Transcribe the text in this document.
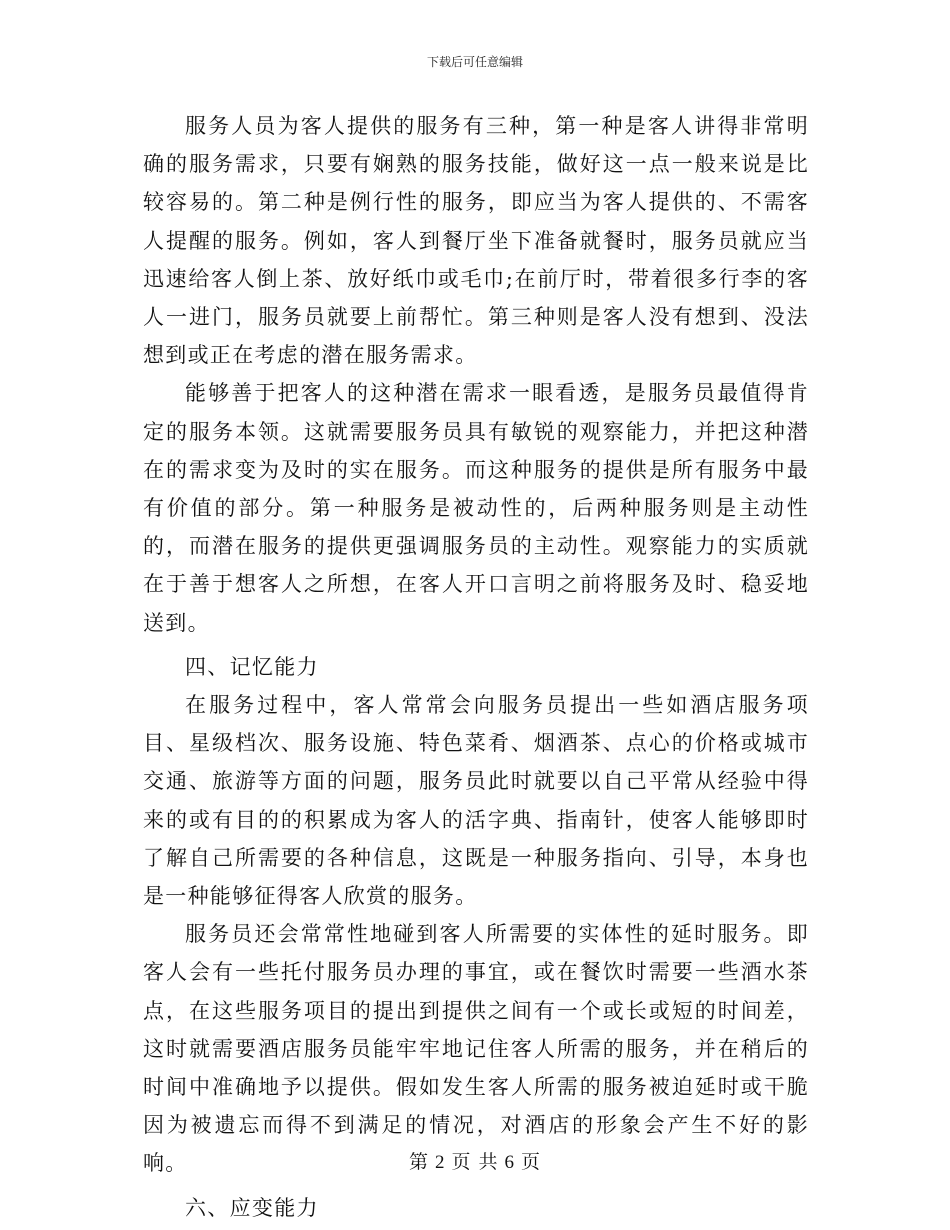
下载后可任意编辑

服务人员为客人提供的服务有三种，第一种是客人讲得非常明确的服务需求，只要有娴熟的服务技能，做好这一点一般来说是比较容易的。第二种是例行性的服务，即应当为客人提供的、不需客人提醒的服务。例如，客人到餐厅坐下准备就餐时，服务员就应当迅速给客人倒上茶、放好纸巾或毛巾;在前厅时，带着很多行李的客人一进门，服务员就要上前帮忙。第三种则是客人没有想到、没法想到或正在考虑的潜在服务需求。

能够善于把客人的这种潜在需求一眼看透，是服务员最值得肯定的服务本领。这就需要服务员具有敏锐的观察能力，并把这种潜在的需求变为及时的实在服务。而这种服务的提供是所有服务中最有价值的部分。第一种服务是被动性的，后两种服务则是主动性的，而潜在服务的提供更强调服务员的主动性。观察能力的实质就在于善于想客人之所想，在客人开口言明之前将服务及时、稳妥地送到。

四、记忆能力

在服务过程中，客人常常会向服务员提出一些如酒店服务项目、星级档次、服务设施、特色菜肴、烟酒茶、点心的价格或城市交通、旅游等方面的问题，服务员此时就要以自己平常从经验中得来的或有目的的积累成为客人的活字典、指南针，使客人能够即时了解自己所需要的各种信息，这既是一种服务指向、引导，本身也是一种能够征得客人欣赏的服务。

服务员还会常常性地碰到客人所需要的实体性的延时服务。即客人会有一些托付服务员办理的事宜，或在餐饮时需要一些酒水茶点，在这些服务项目的提出到提供之间有一个或长或短的时间差，这时就需要酒店服务员能牢牢地记住客人所需的服务，并在稍后的时间中准确地予以提供。假如发生客人所需的服务被迫延时或干脆因为被遗忘而得不到满足的情况，对酒店的形象会产生不好的影响。

六、应变能力

第 2 页 共 6 页
